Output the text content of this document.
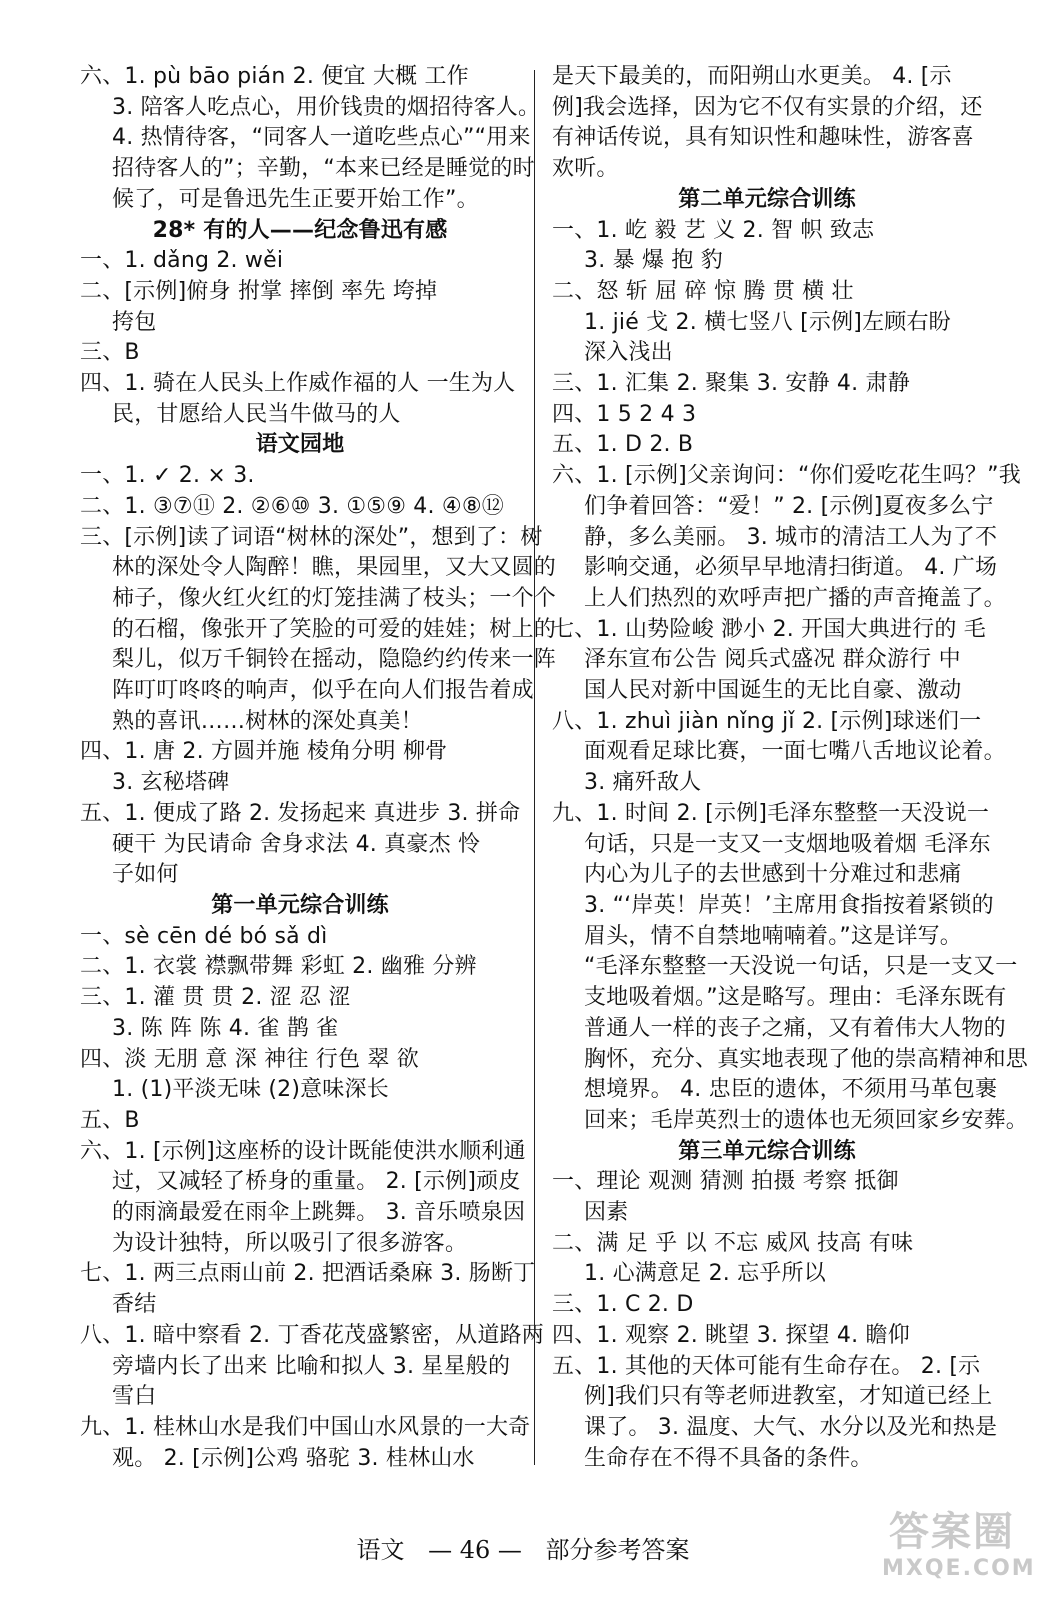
六、1. pù bāo pián 2. 便宜 大概 工作
3. 陪客人吃点心，用价钱贵的烟招待客人。
4. 热情待客，“同客人一道吃些点心”“用来
招待客人的”；辛勤，“本来已经是睡觉的时
候了，可是鲁迅先生正要开始工作”。
28* 有的人——纪念鲁迅有感
一、1. dǎng 2. wěi
二、[示例]俯身 拊掌 摔倒 率先 垮掉
挎包
三、B
四、1. 骑在人民头上作威作福的人 一生为人
民，甘愿给人民当牛做马的人
语文园地
一、1. ✓ 2. × 3.
二、1. ③⑦⑪ 2. ②⑥⑩ 3. ①⑤⑨ 4. ④⑧⑫
三、[示例]读了词语“树林的深处”，想到了：树
林的深处令人陶醉！瞧，果园里，又大又圆的
柿子，像火红火红的灯笼挂满了枝头；一个个
的石榴，像张开了笑脸的可爱的娃娃；树上的
梨儿，似万千铜铃在摇动，隐隐约约传来一阵
阵叮叮咚咚的响声，似乎在向人们报告着成
熟的喜讯……树林的深处真美！
四、1. 唐 2. 方圆并施 棱角分明 柳骨
3. 玄秘塔碑
五、1. 便成了路 2. 发扬起来 真进步 3. 拼命
硬干 为民请命 舍身求法 4. 真豪杰 怜
子如何
第一单元综合训练
一、sè cēn dé bó sǎ dì
二、1. 衣裳 襟飘带舞 彩虹 2. 幽雅 分辨
三、1. 灌 贯 贯 2. 涩 忍 涩
3. 陈 阵 陈 4. 雀 鹊 雀
四、淡 无朋 意 深 神往 行色 翠 欲
1. (1)平淡无味 (2)意味深长
五、B
六、1. [示例]这座桥的设计既能使洪水顺利通
过，又减轻了桥身的重量。 2. [示例]顽皮
的雨滴最爱在雨伞上跳舞。 3. 音乐喷泉因
为设计独特，所以吸引了很多游客。
七、1. 两三点雨山前 2. 把酒话桑麻 3. 肠断丁
香结
八、1. 暗中察看 2. 丁香花茂盛繁密，从道路两
旁墙内长了出来 比喻和拟人 3. 星星般的
雪白
九、1. 桂林山水是我们中国山水风景的一大奇
观。 2. [示例]公鸡 骆驼 3. 桂林山水
是天下最美的，而阳朔山水更美。 4. [示
例]我会选择，因为它不仅有实景的介绍，还
有神话传说，具有知识性和趣味性，游客喜
欢听。
第二单元综合训练
一、1. 屹 毅 艺 义 2. 智 帜 致志
3. 暴 爆 抱 豹
二、怒 斩 屈 碎 惊 腾 贯 横 壮
1. jié 戈 2. 横七竖八 [示例]左顾右盼
深入浅出
三、1. 汇集 2. 聚集 3. 安静 4. 肃静
四、1 5 2 4 3
五、1. D 2. B
六、1. [示例]父亲询问：“你们爱吃花生吗？”我
们争着回答：“爱！” 2. [示例]夏夜多么宁
静，多么美丽。 3. 城市的清洁工人为了不
影响交通，必须早早地清扫街道。 4. 广场
上人们热烈的欢呼声把广播的声音掩盖了。
七、1. 山势险峻 渺小 2. 开国大典进行的 毛
泽东宣布公告 阅兵式盛况 群众游行 中
国人民对新中国诞生的无比自豪、激动
八、1. zhuì jiàn nǐng jǐ 2. [示例]球迷们一
面观看足球比赛，一面七嘴八舌地议论着。
3. 痛歼敌人
九、1. 时间 2. [示例]毛泽东整整一天没说一
句话，只是一支又一支烟地吸着烟 毛泽东
内心为儿子的去世感到十分难过和悲痛
3. “‘岸英！岸英！’主席用食指按着紧锁的
眉头，情不自禁地喃喃着。”这是详写。
“毛泽东整整一天没说一句话，只是一支又一
支地吸着烟。”这是略写。理由：毛泽东既有
普通人一样的丧子之痛，又有着伟大人物的
胸怀，充分、真实地表现了他的崇高精神和思
想境界。 4. 忠臣的遗体，不须用马革包裹
回来；毛岸英烈士的遗体也无须回家乡安葬。
第三单元综合训练
一、理论 观测 猜测 拍摄 考察 抵御
因素
二、满 足 乎 以 不忘 威风 技高 有味
1. 心满意足 2. 忘乎所以
三、1. C 2. D
四、1. 观察 2. 眺望 3. 探望 4. 瞻仰
五、1. 其他的天体可能有生命存在。 2. [示
例]我们只有等老师进教室，才知道已经上
课了。 3. 温度、大气、水分以及光和热是
生命存在不得不具备的条件。
语文 — 46 — 部分参考答案	答案圈
MXQE.COM
